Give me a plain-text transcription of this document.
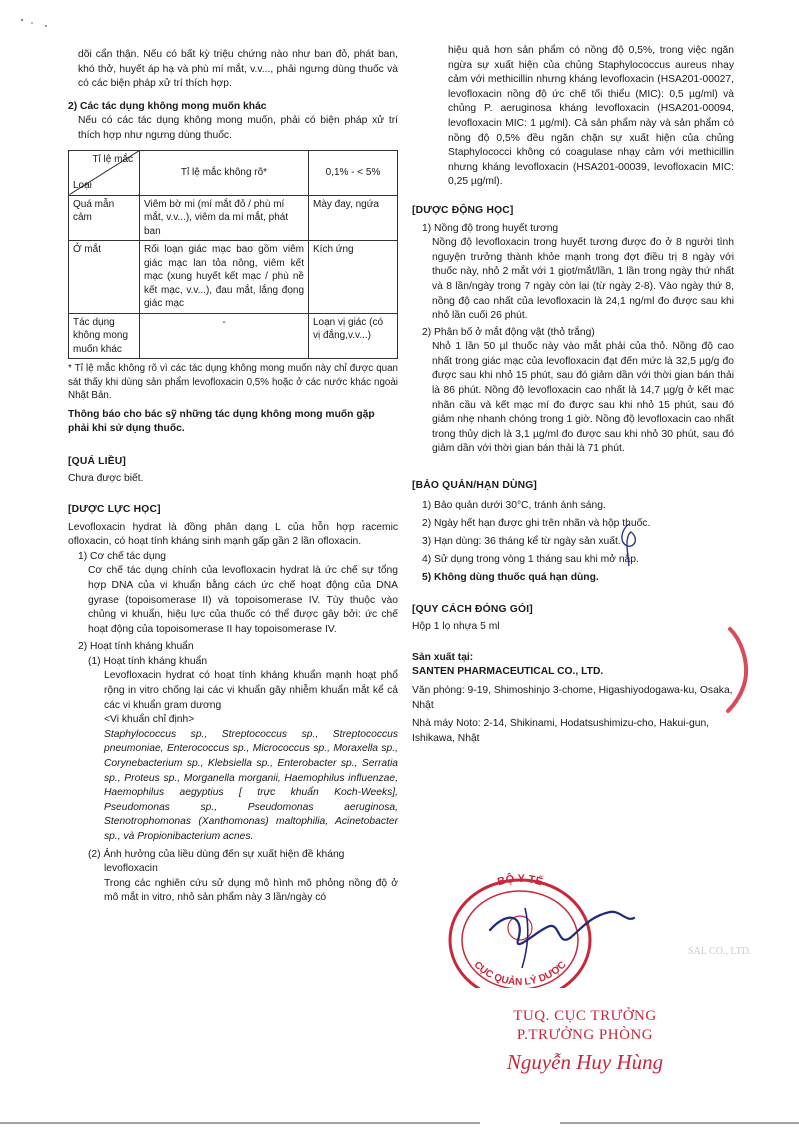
dõi cẩn thận. Nếu có bất kỳ triệu chứng nào như ban đỏ, phát ban, khó thở, huyết áp hạ và phù mí mắt, v.v..., phải ngưng dùng thuốc và có các biện pháp xử trí thích hợp.

2) Các tác dụng không mong muốn khác

Nếu có các tác dụng không mong muốn, phải có biện pháp xử trí thích hợp như ngưng dùng thuốc.

Tỉ lệ mắc
Loại	Tỉ lệ mắc không rõ*	0,1% - < 5%
Quá mẫn cảm	Viêm bờ mi (mí mắt đỏ / phù mí mắt, v.v...), viêm da mí mắt, phát ban	Mày đay, ngứa
Ở mắt	Rối loạn giác mạc bao gồm viêm giác mạc lan tỏa nông, viêm kết mạc (xung huyết kết mạc / phù nề kết mạc, v.v...), đau mắt, lắng đọng giác mạc	Kích ứng
Tác dụng không mong muốn khác	-	Loạn vị giác (có vị đắng,v.v...)

* Tỉ lệ mắc không rõ vì các tác dụng không mong muốn này chỉ được quan sát thấy khi dùng sản phẩm levofloxacin 0,5% hoặc ở các nước khác ngoài Nhật Bản.

Thông báo cho bác sỹ những tác dụng không mong muốn gặp phải khi sử dụng thuốc.

[QUÁ LIỀU]

Chưa được biết.

[DƯỢC LỰC HỌC]

Levofloxacin hydrat là đồng phân dạng L của hỗn hợp racemic ofloxacin, có hoạt tính kháng sinh mạnh gấp gần 2 lần ofloxacin.

1) Cơ chế tác dụng

Cơ chế tác dụng chính của levofloxacin hydrat là ức chế sự tổng hợp DNA của vi khuẩn bằng cách ức chế hoạt động của DNA gyrase (topoisomerase II) và topoisomerase IV. Tùy thuộc vào chủng vi khuẩn, hiệu lực của thuốc có thể được gây bởi: ức chế hoạt động của topoisomerase II hay topoisomerase IV.

2) Hoạt tính kháng khuẩn

(1) Hoạt tính kháng khuẩn

Levofloxacin hydrat có hoạt tính kháng khuẩn mạnh hoạt phổ rộng in vitro chống lại các vi khuẩn gây nhiễm khuẩn mắt kể cả các vi khuẩn gram dương

<Vi khuẩn chỉ định>

Staphylococcus sp., Streptococcus sp., Streptococcus pneumoniae, Enterococcus sp., Micrococcus sp., Moraxella sp., Corynebacterium sp., Klebsiella sp., Enterobacter sp., Serratia sp., Proteus sp., Morganella morganii, Haemophilus influenzae, Haemophilus aegyptius [ trực khuẩn Koch-Weeks], Pseudomonas sp., Pseudomonas aeruginosa, Stenotrophomonas (Xanthomonas) maltophilia, Acinetobacter sp., và Propionibacterium acnes.

(2) Ảnh hưởng của liều dùng đến sự xuất hiện đề kháng levofloxacin

Trong các nghiên cứu sử dụng mô hình mô phỏng nồng độ ở mô mắt in vitro, nhỏ sản phẩm này 3 lần/ngày có

hiệu quả hơn sản phẩm có nồng độ 0,5%, trong việc ngăn ngừa sự xuất hiện của chủng Staphylococcus aureus nhạy cảm với methicillin nhưng kháng levofloxacin (HSA201-00027, levofloxacin nồng độ ức chế tối thiểu (MIC): 0,5 µg/ml) và chủng P. aeruginosa kháng levofloxacin (HSA201-00094, levofloxacin MIC: 1 µg/ml). Cả sản phẩm này và sản phẩm có nồng độ 0,5% đều ngăn chặn sự xuất hiện của chủng Staphylococci không có coagulase nhạy cảm với methicillin nhưng kháng levofloxacin (HSA201-00039, levofloxacin MIC: 0,25 µg/ml).

[DƯỢC ĐỘNG HỌC]

1) Nồng độ trong huyết tương

Nồng độ levofloxacin trong huyết tương được đo ở 8 người tình nguyện trưởng thành khỏe mạnh trong đợt điều trị 8 ngày với thuốc này, nhỏ 2 mắt với 1 giọt/mắt/lần, 1 lần trong ngày thứ nhất và 8 lần/ngày trong 7 ngày còn lại (từ ngày 2-8). Vào ngày thứ 8, nồng độ cao nhất của levofloxacin là 24,1 ng/ml đo được sau khi nhỏ lần cuối 26 phút.

2) Phân bố ở mắt động vật (thỏ trắng)

Nhỏ 1 lần 50 µl thuốc này vào mắt phải của thỏ. Nồng độ cao nhất trong giác mạc của levofloxacin đạt đến mức là 32,5 µg/g đo được sau khi nhỏ 15 phút, sau đó giảm dần với thời gian bán thải là 86 phút. Nồng độ levofloxacin cao nhất là 14,7 µg/g ở kết mạc nhãn cầu và kết mạc mí đo được sau khi nhỏ 15 phút, sau đó giảm nhẹ nhanh chóng trong 1 giờ. Nồng độ levofloxacin cao nhất trong thủy dịch là 3,1 µg/ml đo được sau khi nhỏ 30 phút, sau đó giảm dần với thời gian bán thải là 71 phút.

[BẢO QUẢN/HẠN DÙNG]

1) Bảo quản dưới 30°C, tránh ánh sáng.

2) Ngày hết hạn được ghi trên nhãn và hộp thuốc.

3) Hạn dùng: 36 tháng kể từ ngày sản xuất.

4) Sử dụng trong vòng 1 tháng sau khi mở nắp.

5) Không dùng thuốc quá hạn dùng.

[QUY CÁCH ĐÓNG GÓI]

Hộp 1 lọ nhựa 5 ml

Sản xuất tại:

SANTEN PHARMACEUTICAL CO., LTD.

Văn phòng: 9-19, Shimoshinjo 3-chome, Higashiyodogawa-ku, Osaka, Nhật

Nhà máy Noto: 2-14, Shikinami, Hodatsushimizu-cho, Hakui-gun, Ishikawa, Nhật

BỘ Y TẾ
CỤC QUẢN LÝ DƯỢC
SAL CO., LTD.
TUQ. CỤC TRƯỞNG
P.TRƯỞNG PHÒNG
Nguyễn Huy Hùng
